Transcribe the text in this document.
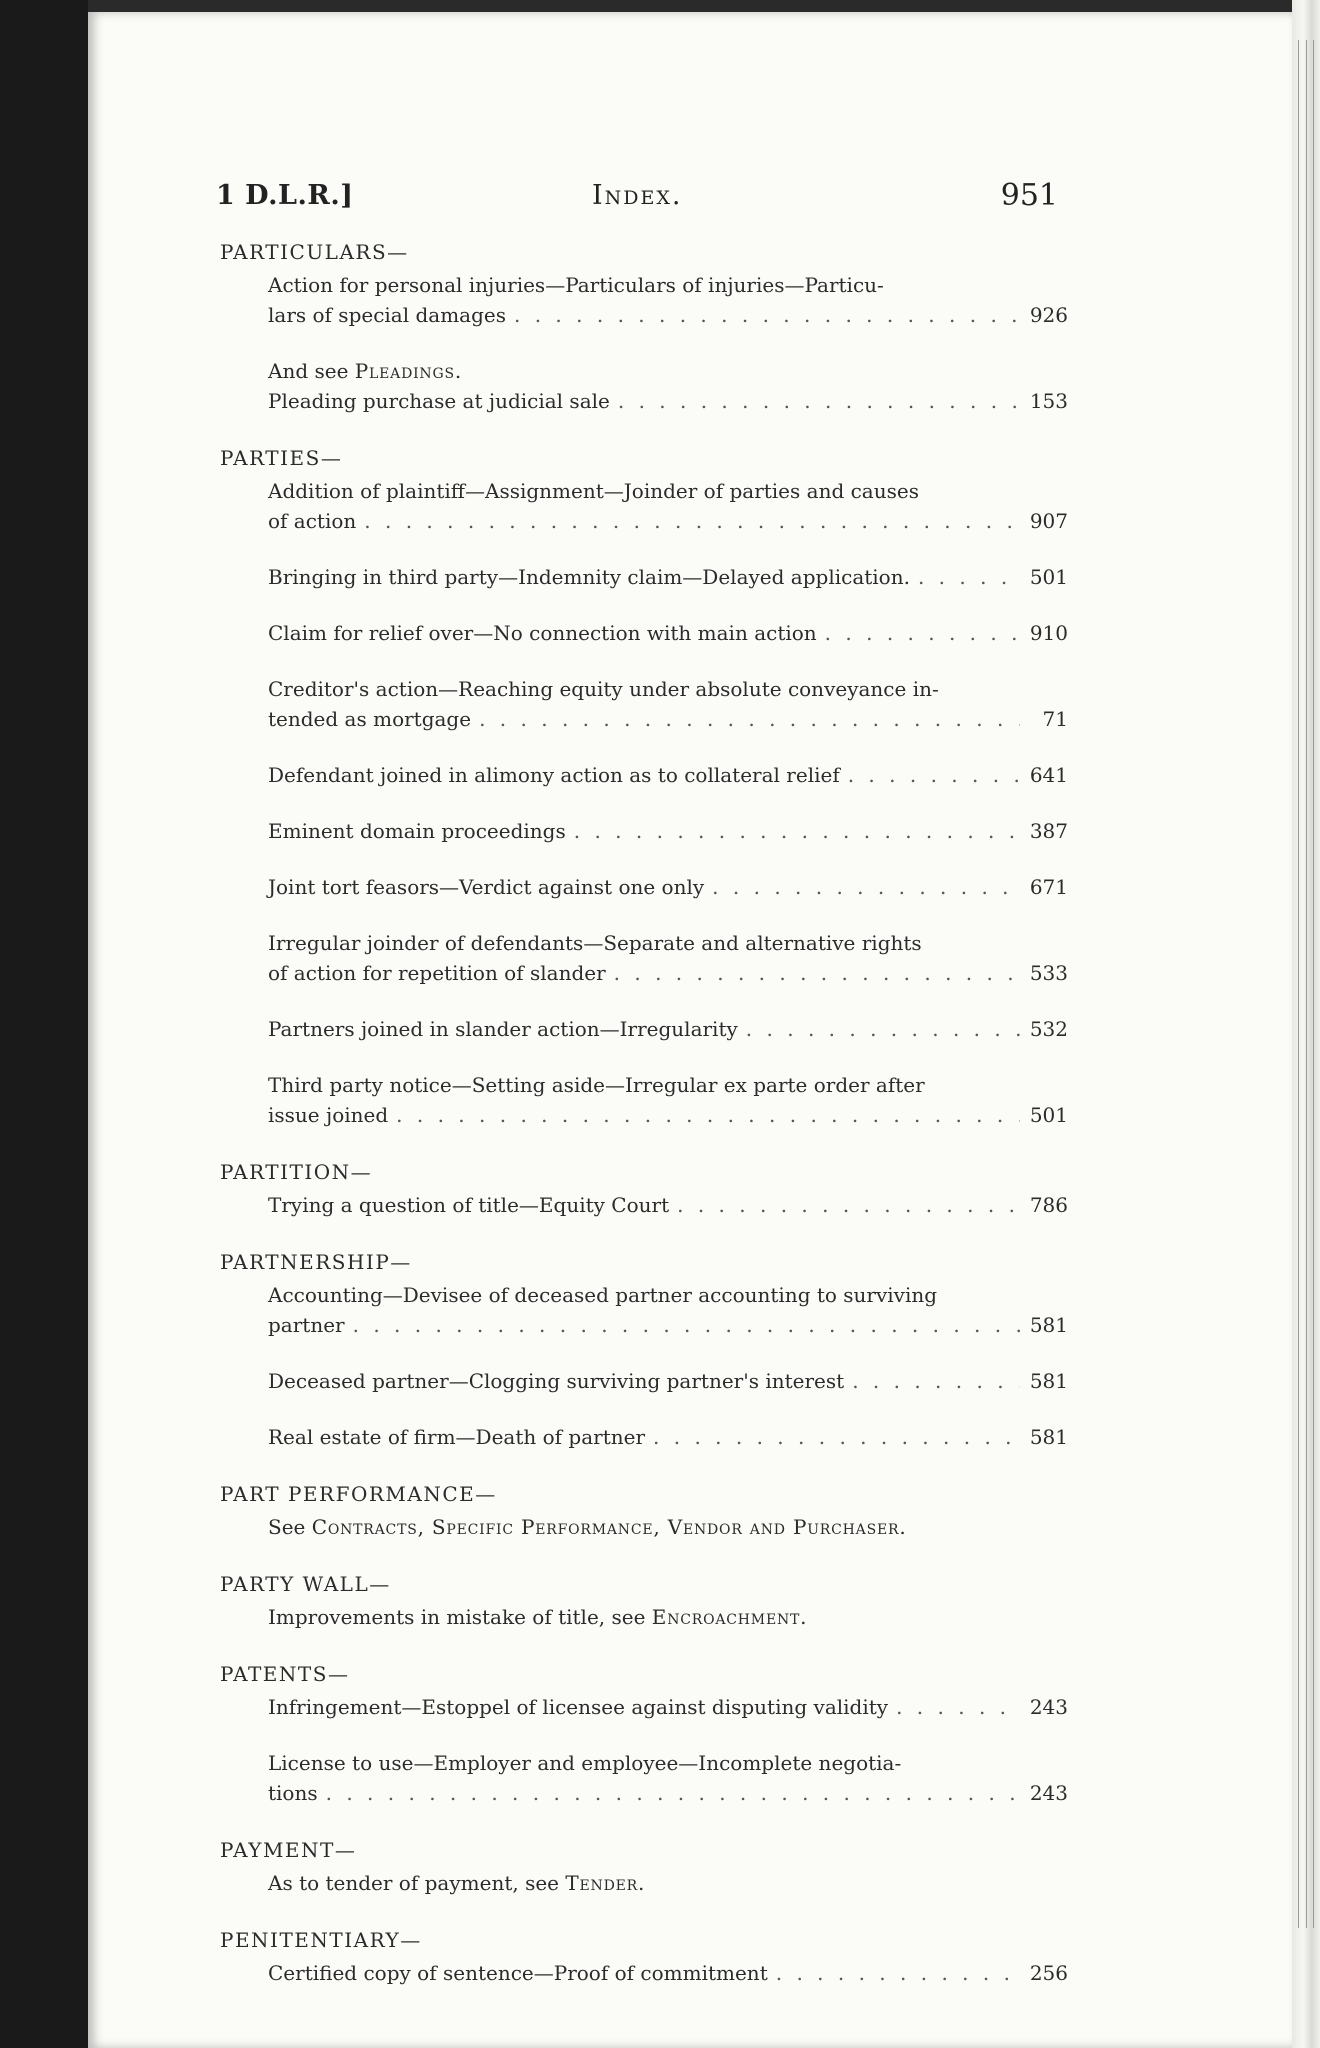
1 D.L.R.]	Index.	951
PARTICULARS—
Action for personal injuries—Particulars of injuries—Particu-
lars of special damages . . .	926
And see Pleadings.
Pleading purchase at judicial sale . . .	153
PARTIES—
Addition of plaintiff—Assignment—Joinder of parties and causes
of action . . .	907
Bringing in third party—Indemnity claim—Delayed application. . . .	501
Claim for relief over—No connection with main action . . .	910
Creditor's action—Reaching equity under absolute conveyance in-
tended as mortgage . . .	71
Defendant joined in alimony action as to collateral relief . . .	641
Eminent domain proceedings . . .	387
Joint tort feasors—Verdict against one only . . .	671
Irregular joinder of defendants—Separate and alternative rights
of action for repetition of slander . . .	533
Partners joined in slander action—Irregularity . . .	532
Third party notice—Setting aside—Irregular ex parte order after
issue joined . . .	501
PARTITION—
Trying a question of title—Equity Court . . .	786
PARTNERSHIP—
Accounting—Devisee of deceased partner accounting to surviving
partner . . .	581
Deceased partner—Clogging surviving partner's interest . . .	581
Real estate of firm—Death of partner . . .	581
PART PERFORMANCE—
See Contracts, Specific Performance, Vendor and Purchaser.
PARTY WALL—
Improvements in mistake of title, see Encroachment.
PATENTS—
Infringement—Estoppel of licensee against disputing validity . . .	243
License to use—Employer and employee—Incomplete negotia-
tions . . .	243
PAYMENT—
As to tender of payment, see Tender.
PENITENTIARY—
Certified copy of sentence—Proof of commitment . . .	256
